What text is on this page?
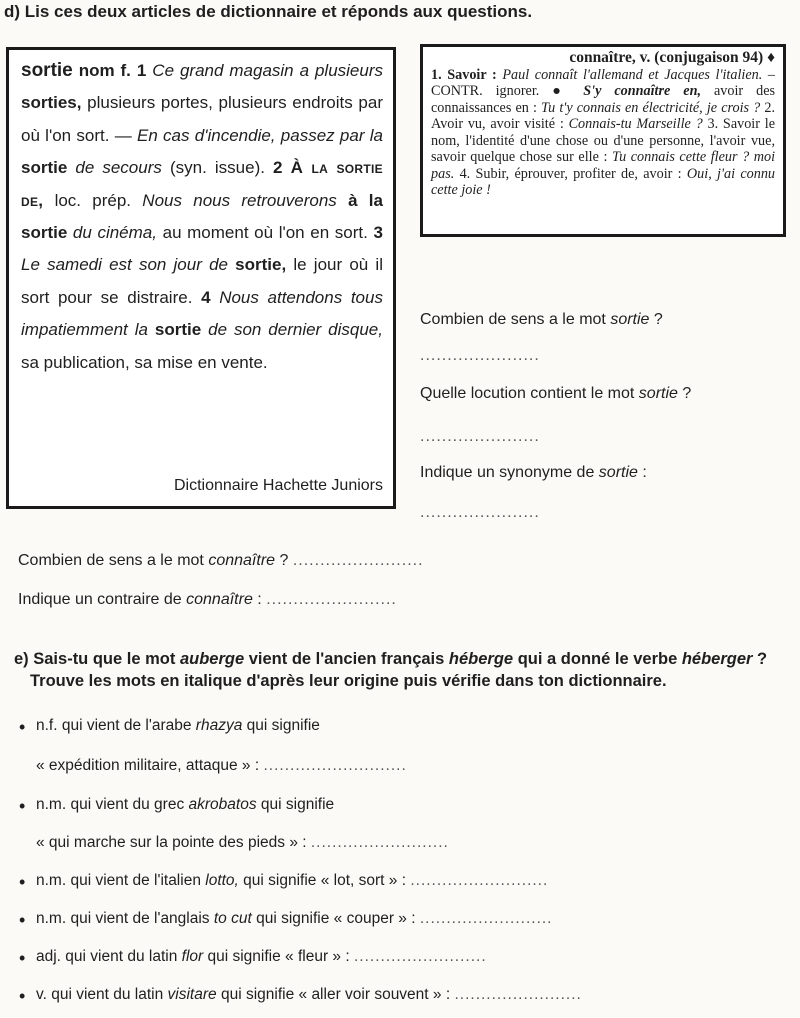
d) Lis ces deux articles de dictionnaire et réponds aux questions.

sortie nom f. 1 Ce grand magasin a plusieurs sorties, plusieurs portes, plusieurs endroits par où l'on sort. — En cas d'incendie, passez par la sortie de secours (syn. issue). 2 À la sortie de, loc. prép. Nous nous retrouverons à la sortie du cinéma, au moment où l'on en sort. 3 Le samedi est son jour de sortie, le jour où il sort pour se distraire. 4 Nous attendons tous impatiemment la sortie de son dernier disque, sa publication, sa mise en vente.

Dictionnaire Hachette Juniors

connaître, v. (conjugaison 94) ♦

1. Savoir : Paul connaît l'allemand et Jacques l'italien. – CONTR. ignorer. ● S'y connaître en, avoir des connaissances en : Tu t'y connais en électricité, je crois ? 2. Avoir vu, avoir visité : Connais-tu Marseille ? 3. Savoir le nom, l'identité d'une chose ou d'une personne, l'avoir vue, savoir quelque chose sur elle : Tu connais cette fleur ? moi pas. 4. Subir, éprouver, profiter de, avoir : Oui, j'ai connu cette joie !

Combien de sens a le mot sortie ?
......................
Quelle locution contient le mot sortie ?
......................
Indique un synonyme de sortie :
......................
Combien de sens a le mot connaître ? ........................
Indique un contraire de connaître : ........................
e) Sais-tu que le mot auberge vient de l'ancien français héberge qui a donné le verbe héberger ?
Trouve les mots en italique d'après leur origine puis vérifie dans ton dictionnaire.
• n.f. qui vient de l'arabe rhazya qui signifie
« expédition militaire, attaque » : ...........................
• n.m. qui vient du grec akrobatos qui signifie
« qui marche sur la pointe des pieds » : ..........................
• n.m. qui vient de l'italien lotto, qui signifie « lot, sort » : ..........................
• n.m. qui vient de l'anglais to cut qui signifie « couper » : .........................
• adj. qui vient du latin flor qui signifie « fleur » : .........................
• v. qui vient du latin visitare qui signifie « aller voir souvent » : ........................
